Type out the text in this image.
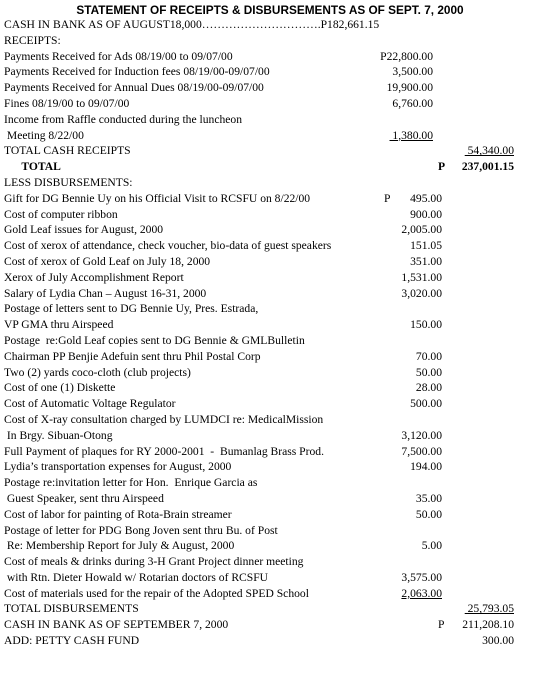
STATEMENT OF RECEIPTS & DISBURSEMENTS AS OF SEPT. 7, 2000
CASH IN BANK AS OF AUGUST18,000………………………….P182,661.15
RECEIPTS:
Payments Received for Ads 08/19/00 to 09/07/00	P22,800.00
Payments Received for Induction fees 08/19/00-09/07/00	3,500.00
Payments Received for Annual Dues 08/19/00-09/07/00	19,900.00
Fines 08/19/00 to 09/07/00	6,760.00
Income from Raffle conducted during the luncheon
Meeting 8/22/00	1,380.00
TOTAL CASH RECEIPTS	54,340.00
TOTAL	P 237,001.15
LESS DISBURSEMENTS:
Gift for DG Bennie Uy on his Official Visit to RCSFU on 8/22/00	P 495.00
Cost of computer ribbon	900.00
Gold Leaf issues for August, 2000	2,005.00
Cost of xerox of attendance, check voucher, bio-data of guest speakers	151.05
Cost of xerox of Gold Leaf on July 18, 2000	351.00
Xerox of July Accomplishment Report	1,531.00
Salary of Lydia Chan – August 16-31, 2000	3,020.00
Postage of letters sent to DG Bennie Uy, Pres. Estrada,
VP GMA thru Airspeed	150.00
Postage  re:Gold Leaf copies sent to DG Bennie & GMLBulletin
Chairman PP Benjie Adefuin sent thru Phil Postal Corp	70.00
Two (2) yards coco-cloth (club projects)	50.00
Cost of one (1) Diskette	28.00
Cost of Automatic Voltage Regulator	500.00
Cost of X-ray consultation charged by LUMDCI re: MedicalMission
In Brgy. Sibuan-Otong	3,120.00
Full Payment of plaques for RY 2000-2001  -  Bumanlag Brass Prod.	7,500.00
Lydia’s transportation expenses for August, 2000	194.00
Postage re:invitation letter for Hon.  Enrique Garcia as
Guest Speaker, sent thru Airspeed	35.00
Cost of labor for painting of Rota-Brain streamer	50.00
Postage of letter for PDG Bong Joven sent thru Bu. of Post
Re: Membership Report for July & August, 2000	5.00
Cost of meals & drinks during 3-H Grant Project dinner meeting
with Rtn. Dieter Howald w/ Rotarian doctors of RCSFU	3,575.00
Cost of materials used for the repair of the Adopted SPED School	2,063.00
TOTAL DISBURSEMENTS	25,793.05
CASH IN BANK AS OF SEPTEMBER 7, 2000	P 211,208.10
ADD: PETTY CASH FUND	300.00
